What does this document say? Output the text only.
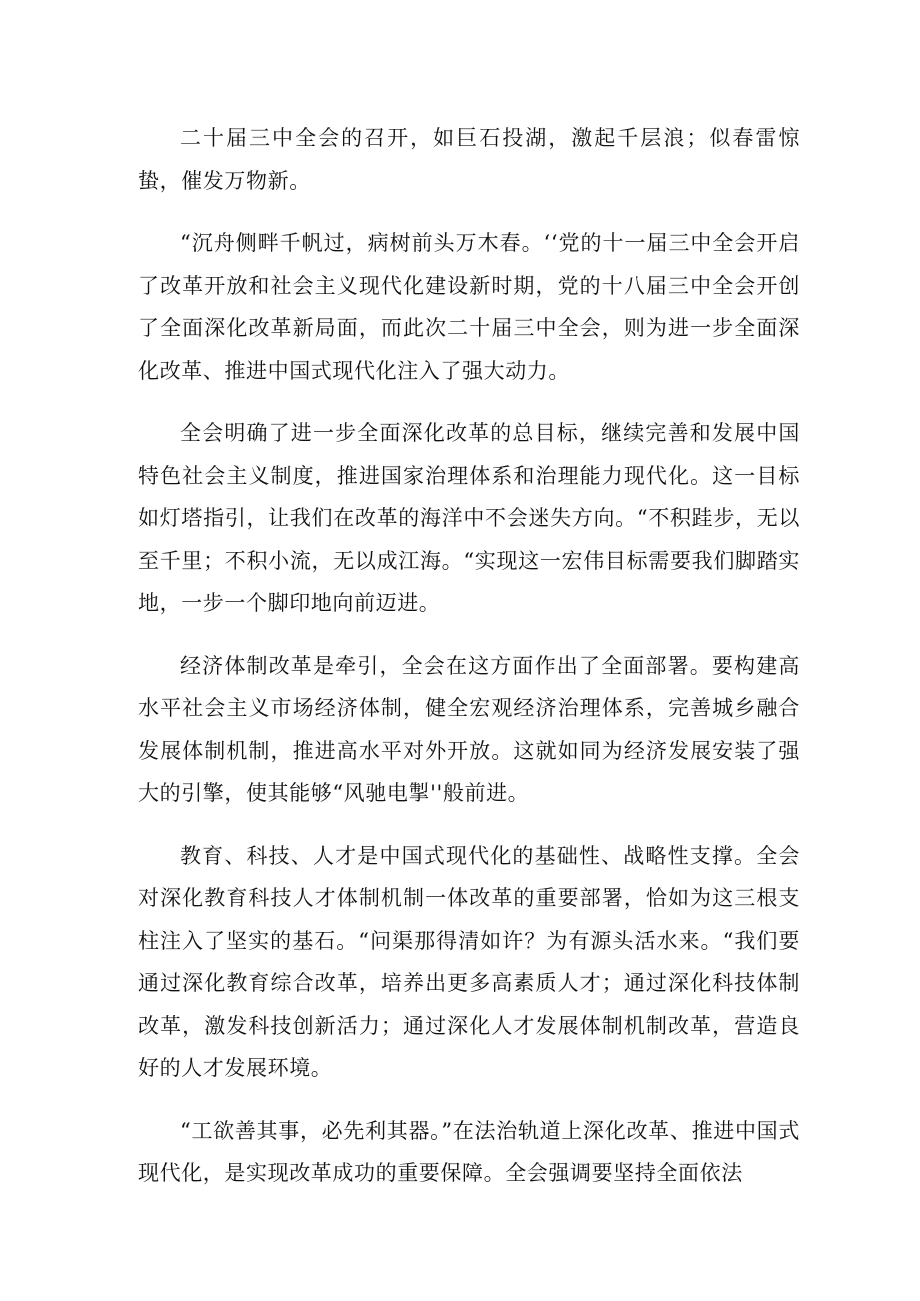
二十届三中全会的召开，如巨石投湖，激起千层浪；似春雷惊蛰，催发万物新。

“沉舟侧畔千帆过，病树前头万木春。‘‘党的十一届三中全会开启了改革开放和社会主义现代化建设新时期，党的十八届三中全会开创了全面深化改革新局面，而此次二十届三中全会，则为进一步全面深化改革、推进中国式现代化注入了强大动力。

全会明确了进一步全面深化改革的总目标，继续完善和发展中国特色社会主义制度，推进国家治理体系和治理能力现代化。这一目标如灯塔指引，让我们在改革的海洋中不会迷失方向。“不积跬步，无以至千里；不积小流，无以成江海。“实现这一宏伟目标需要我们脚踏实地，一步一个脚印地向前迈进。

经济体制改革是牵引，全会在这方面作出了全面部署。要构建高水平社会主义市场经济体制，健全宏观经济治理体系，完善城乡融合发展体制机制，推进高水平对外开放。这就如同为经济发展安装了强大的引擎，使其能够“风驰电掣''般前进。

教育、科技、人才是中国式现代化的基础性、战略性支撑。全会对深化教育科技人才体制机制一体改革的重要部署，恰如为这三根支柱注入了坚实的基石。“问渠那得清如许？为有源头活水来。“我们要通过深化教育综合改革，培养出更多高素质人才；通过深化科技体制改革，激发科技创新活力；通过深化人才发展体制机制改革，营造良好的人才发展环境。

“工欲善其事，必先利其器。”在法治轨道上深化改革、推进中国式现代化，是实现改革成功的重要保障。全会强调要坚持全面依法
